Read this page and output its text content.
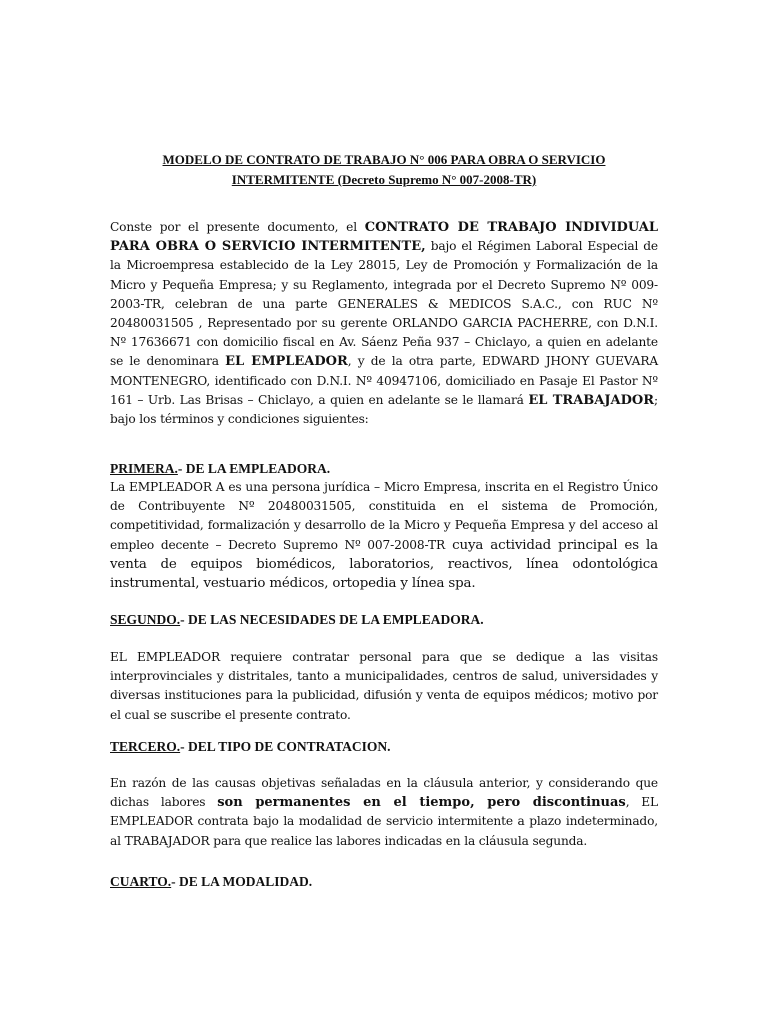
MODELO DE CONTRATO DE TRABAJO N° 006 PARA OBRA O SERVICIO
INTERMITENTE (Decreto Supremo N° 007-2008-TR)

Conste por el presente documento, el CONTRATO DE TRABAJO INDIVIDUAL PARA OBRA O SERVICIO INTERMITENTE, bajo el Régimen Laboral Especial de la Microempresa establecido de la Ley 28015, Ley de Promoción y Formalización de la Micro y Pequeña Empresa; y su Reglamento, integrada por el Decreto Supremo Nº 009-2003-TR, celebran de una parte GENERALES & MEDICOS S.A.C., con RUC Nº 20480031505 , Representado por su gerente ORLANDO GARCIA PACHERRE, con D.N.I. Nº 17636671 con domicilio fiscal en Av. Sáenz Peña 937 – Chiclayo, a quien en adelante se le denominara EL EMPLEADOR, y de la otra parte, EDWARD JHONY GUEVARA MONTENEGRO, identificado con D.N.I. Nº 40947106, domiciliado en Pasaje El Pastor Nº 161 – Urb. Las Brisas – Chiclayo, a quien en adelante se le llamará EL TRABAJADOR; bajo los términos y condiciones siguientes:

PRIMERA.- DE LA EMPLEADORA.

La EMPLEADOR A es una persona jurídica – Micro Empresa, inscrita en el Registro Único de Contribuyente Nº 20480031505, constituida en el sistema de Promoción, competitividad, formalización y desarrollo de la Micro y Pequeña Empresa y del acceso al empleo decente – Decreto Supremo Nº 007-2008-TR cuya actividad principal es la venta de equipos biomédicos, laboratorios, reactivos, línea odontológica instrumental, vestuario médicos, ortopedia y línea spa.

SEGUNDO.- DE LAS NECESIDADES DE LA EMPLEADORA.

EL EMPLEADOR requiere contratar personal para que se dedique a las visitas interprovinciales y distritales, tanto a municipalidades, centros de salud, universidades y diversas instituciones para la publicidad, difusión y venta de equipos médicos; motivo por el cual se suscribe el presente contrato.

TERCERO.- DEL TIPO DE CONTRATACION.

En razón de las causas objetivas señaladas en la cláusula anterior, y considerando que dichas labores son permanentes en el tiempo, pero discontinuas, EL EMPLEADOR contrata bajo la modalidad de servicio intermitente a plazo indeterminado, al TRABAJADOR para que realice las labores indicadas en la cláusula segunda.

CUARTO.- DE LA MODALIDAD.
